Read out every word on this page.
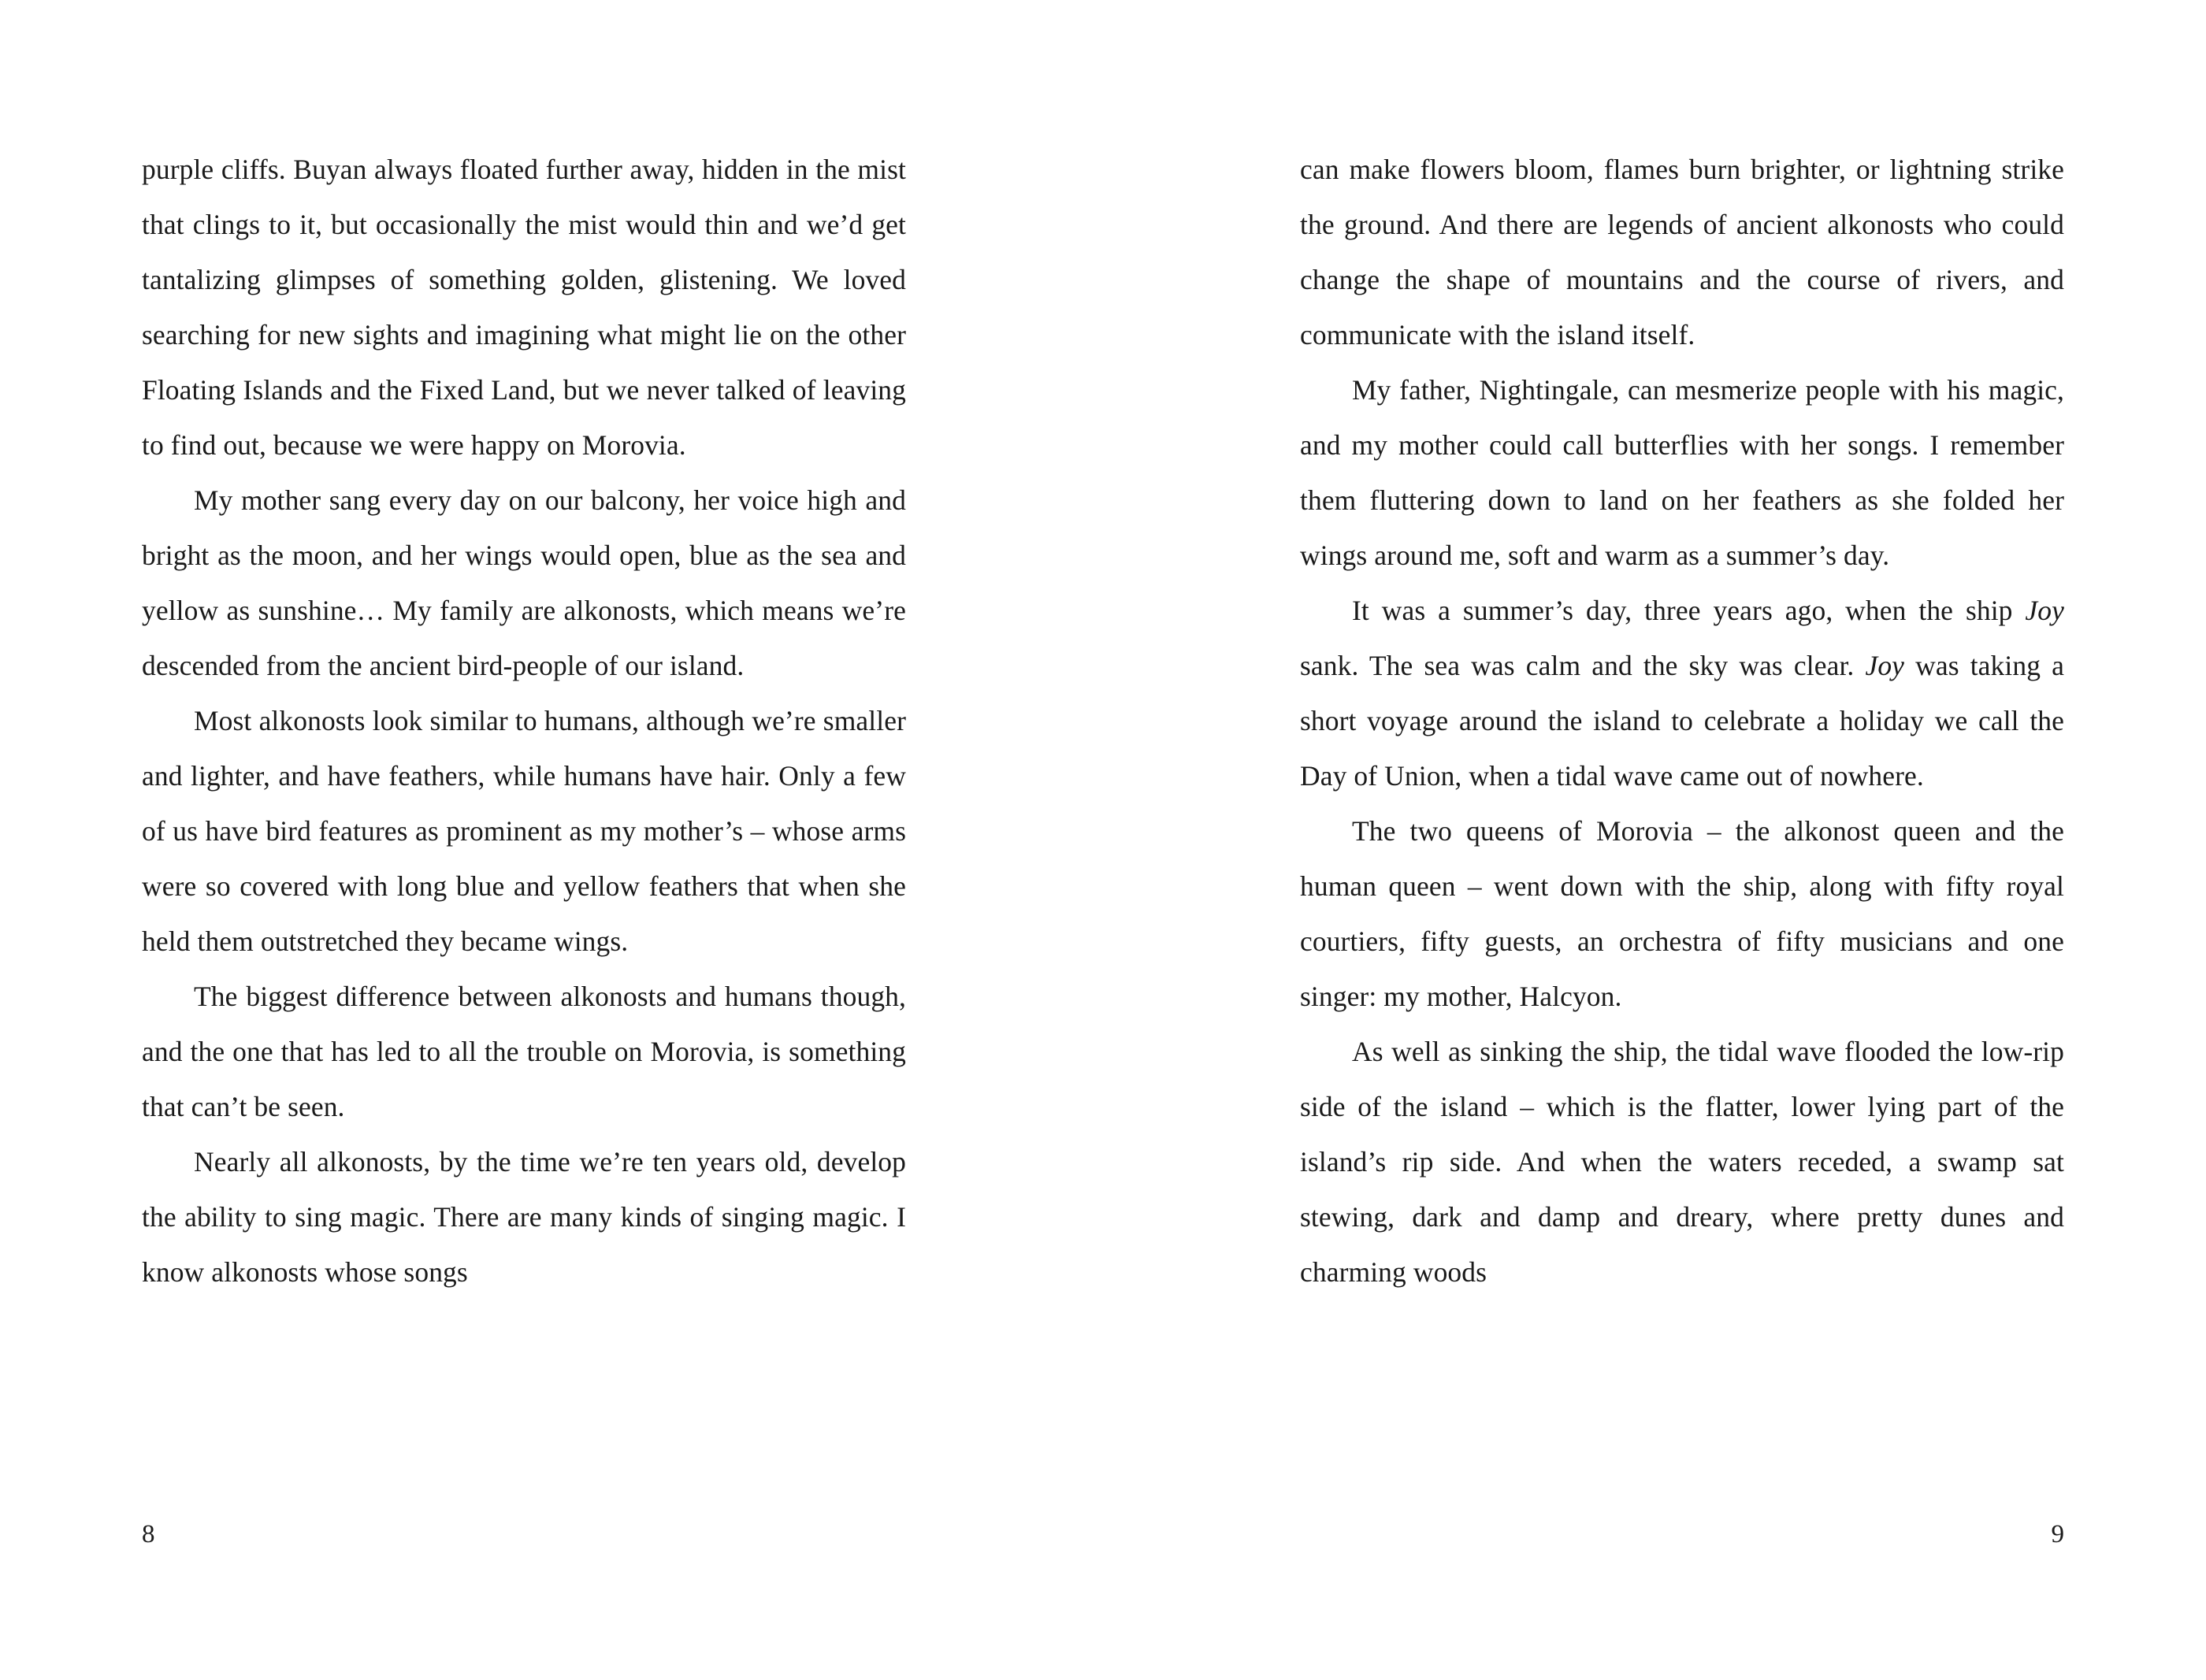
purple cliffs. Buyan always floated further away, hidden in the mist that clings to it, but occasionally the mist would thin and we’d get tantalizing glimpses of something golden, glistening. We loved searching for new sights and imagining what might lie on the other Floating Islands and the Fixed Land, but we never talked of leaving to find out, because we were happy on Morovia.

My mother sang every day on our balcony, her voice high and bright as the moon, and her wings would open, blue as the sea and yellow as sunshine… My family are alkonosts, which means we’re descended from the ancient bird-people of our island.

Most alkonosts look similar to humans, although we’re smaller and lighter, and have feathers, while humans have hair. Only a few of us have bird features as prominent as my mother’s – whose arms were so covered with long blue and yellow feathers that when she held them outstretched they became wings.

The biggest difference between alkonosts and humans though, and the one that has led to all the trouble on Morovia, is something that can’t be seen.

Nearly all alkonosts, by the time we’re ten years old, develop the ability to sing magic. There are many kinds of singing magic. I know alkonosts whose songs

8

can make flowers bloom, flames burn brighter, or lightning strike the ground. And there are legends of ancient alkonosts who could change the shape of mountains and the course of rivers, and communicate with the island itself.

My father, Nightingale, can mesmerize people with his magic, and my mother could call butterflies with her songs. I remember them fluttering down to land on her feathers as she folded her wings around me, soft and warm as a summer’s day.

It was a summer’s day, three years ago, when the ship Joy sank. The sea was calm and the sky was clear. Joy was taking a short voyage around the island to celebrate a holiday we call the Day of Union, when a tidal wave came out of nowhere.

The two queens of Morovia – the alkonost queen and the human queen – went down with the ship, along with fifty royal courtiers, fifty guests, an orchestra of fifty musicians and one singer: my mother, Halcyon.

As well as sinking the ship, the tidal wave flooded the low-rip side of the island – which is the flatter, lower lying part of the island’s rip side. And when the waters receded, a swamp sat stewing, dark and damp and dreary, where pretty dunes and charming woods

9
